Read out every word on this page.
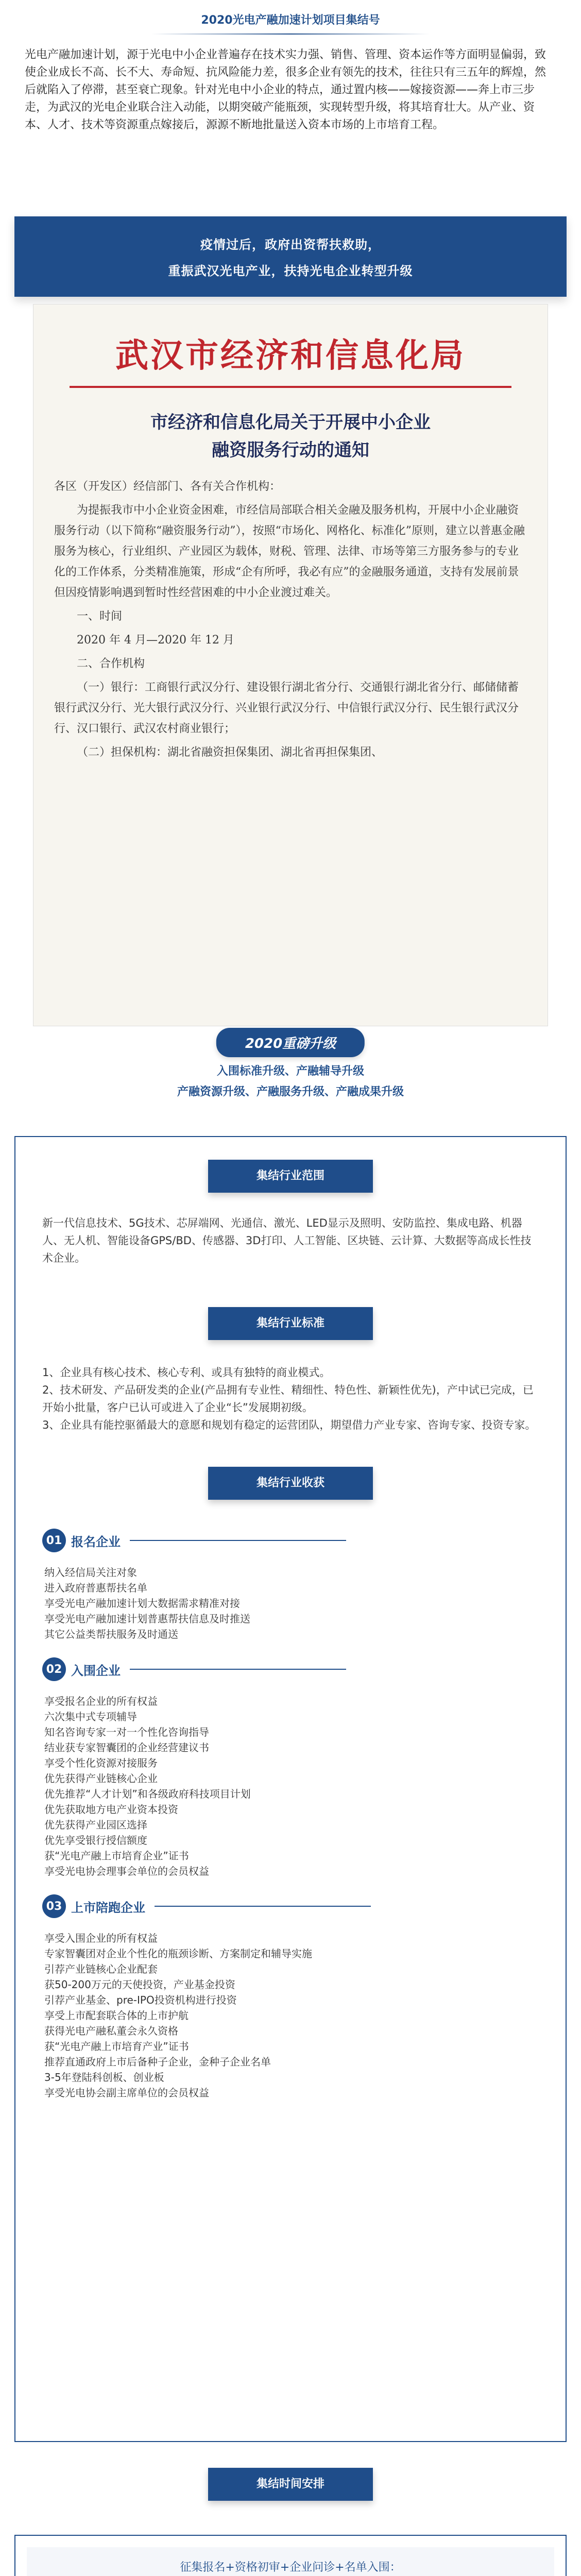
2020光电产融加速计划项目集结号
光电产融加速计划，源于光电中小企业普遍存在技术实力强、销售、管理、资本运作等方面明显偏弱，致使企业成长不高、长不大、寿命短、抗风险能力差，很多企业有领先的技术，往往只有三五年的辉煌，然后就陷入了停滞，甚至衰亡现象。针对光电中小企业的特点，通过置内核——嫁接资源——奔上市三步走，为武汉的光电企业联合注入动能，以期突破产能瓶颈，实现转型升级，将其培育壮大。从产业、资本、人才、技术等资源重点嫁接后，源源不断地批量送入资本市场的上市培育工程。
疫情过后，政府出资帮扶救助，
重振武汉光电产业，扶持光电企业转型升级
武汉市经济和信息化局
市经济和信息化局关于开展中小企业
融资服务行动的通知
各区（开发区）经信部门、各有关合作机构：
为提振我市中小企业资金困难，市经信局部联合相关金融及服务机构，开展中小企业融资服务行动（以下简称“融资服务行动”），按照“市场化、网格化、标准化”原则，建立以普惠金融服务为核心，行业组织、产业园区为载体，财税、管理、法律、市场等第三方服务参与的专业化的工作体系，分类精准施策，形成“企有所呼，我必有应”的金融服务通道，支持有发展前景但因疫情影响遇到暂时性经营困难的中小企业渡过难关。
一、时间
2020 年 4 月—2020 年 12 月
二、合作机构
（一）银行：工商银行武汉分行、建设银行湖北省分行、交通银行湖北省分行、邮储储蓄银行武汉分行、光大银行武汉分行、兴业银行武汉分行、中信银行武汉分行、民生银行武汉分行、汉口银行、武汉农村商业银行；
（二）担保机构：湖北省融资担保集团、湖北省再担保集团、
2020重磅升级
入围标准升级、产融辅导升级
产融资源升级、产融服务升级、产融成果升级
集结行业范围
新一代信息技术、5G技术、芯屏端网、光通信、激光、LED显示及照明、安防监控、集成电路、机器人、无人机、智能设备GPS/BD、传感器、3D打印、人工智能、区块链、云计算、大数据等高成长性技术企业。
集结行业标准
1、企业具有核心技术、核心专利、或具有独特的商业模式。
2、技术研发、产品研发类的企业(产品拥有专业性、精细性、特色性、新颖性优先)，产中试已完成，已开始小批量，客户已认可或进入了企业“长”发展期初级。
3、企业具有能控驱循最大的意愿和规划有稳定的运营团队，期望借力产业专家、咨询专家、投资专家。
集结行业收获
01 报名企业
纳入经信局关注对象
进入政府普惠帮扶名单
享受光电产融加速计划大数据需求精准对接
享受光电产融加速计划普惠帮扶信息及时推送
其它公益类帮扶服务及时通送
02 入围企业
享受报名企业的所有权益
六次集中式专项辅导
知名咨询专家一对一个性化咨询指导
结业获专家智囊团的企业经营建议书
享受个性化资源对接服务
优先获得产业链核心企业
优先推荐“人才计划”和各级政府科技项目计划
优先获取地方电产业资本投资
优先获得产业园区选择
优先享受银行授信额度
获“光电产融上市培育企业”证书
享受光电协会理事会单位的会员权益
03 上市陪跑企业
享受入围企业的所有权益
专家智囊团对企业个性化的瓶颈诊断、方案制定和辅导实施
引荐产业链核心企业配套
获50-200万元的天使投资，产业基金投资
引荐产业基金、pre-IPO投资机构进行投资
享受上市配套联合体的上市护航
获得光电产融私董会永久资格
获“光电产融上市培育产业”证书
推荐直通政府上市后备种子企业，金种子企业名单
3-5年登陆科创板、创业板
享受光电协会副主席单位的会员权益
集结时间安排
征集报名+资格初审+企业问诊+名单入围：
